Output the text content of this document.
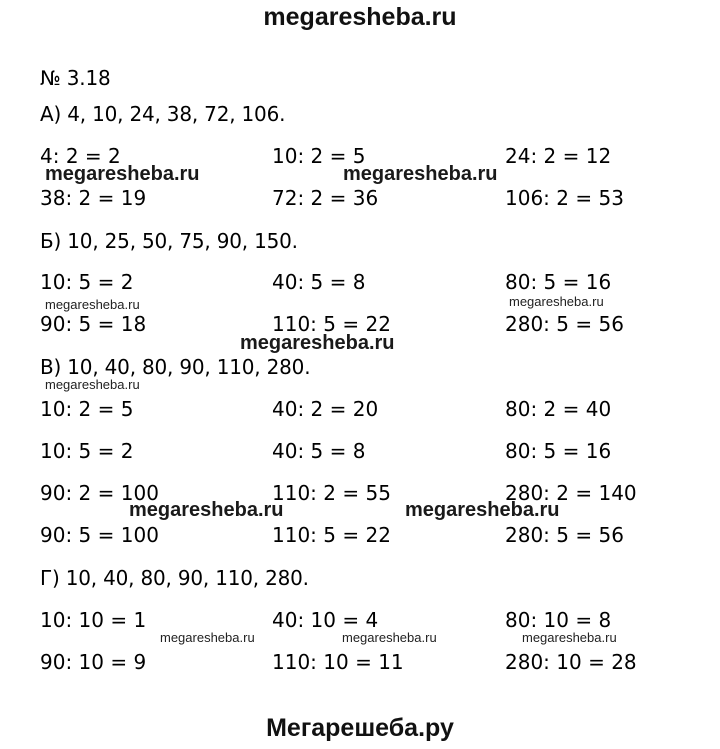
megaresheba.ru
№ 3.18
А) 4, 10, 24, 38, 72, 106.
4: 2 = 2	10: 2 = 5	24: 2 = 12
38: 2 = 19	72: 2 = 36	106: 2 = 53
Б) 10, 25, 50, 75, 90, 150.
10: 5 = 2	40: 5 = 8	80: 5 = 16
90: 5 = 18	110: 5 = 22	280: 5 = 56
В) 10, 40, 80, 90, 110, 280.
10: 2 = 5	40: 2 = 20	80: 2 = 40
10: 5 = 2	40: 5 = 8	80: 5 = 16
90: 2 = 100	110: 2 = 55	280: 2 = 140
90: 5 = 100	110: 5 = 22	280: 5 = 56
Г) 10, 40, 80, 90, 110, 280.
10: 10 = 1	40: 10 = 4	80: 10 = 8
90: 10 = 9	110: 10 = 11	280: 10 = 28
megaresheba.ru	megaresheba.ru
megaresheba.ru	megaresheba.ru
megaresheba.ru
megaresheba.ru
megaresheba.ru	megaresheba.ru
megaresheba.ru	megaresheba.ru	megaresheba.ru
Мегарешеба.ру
